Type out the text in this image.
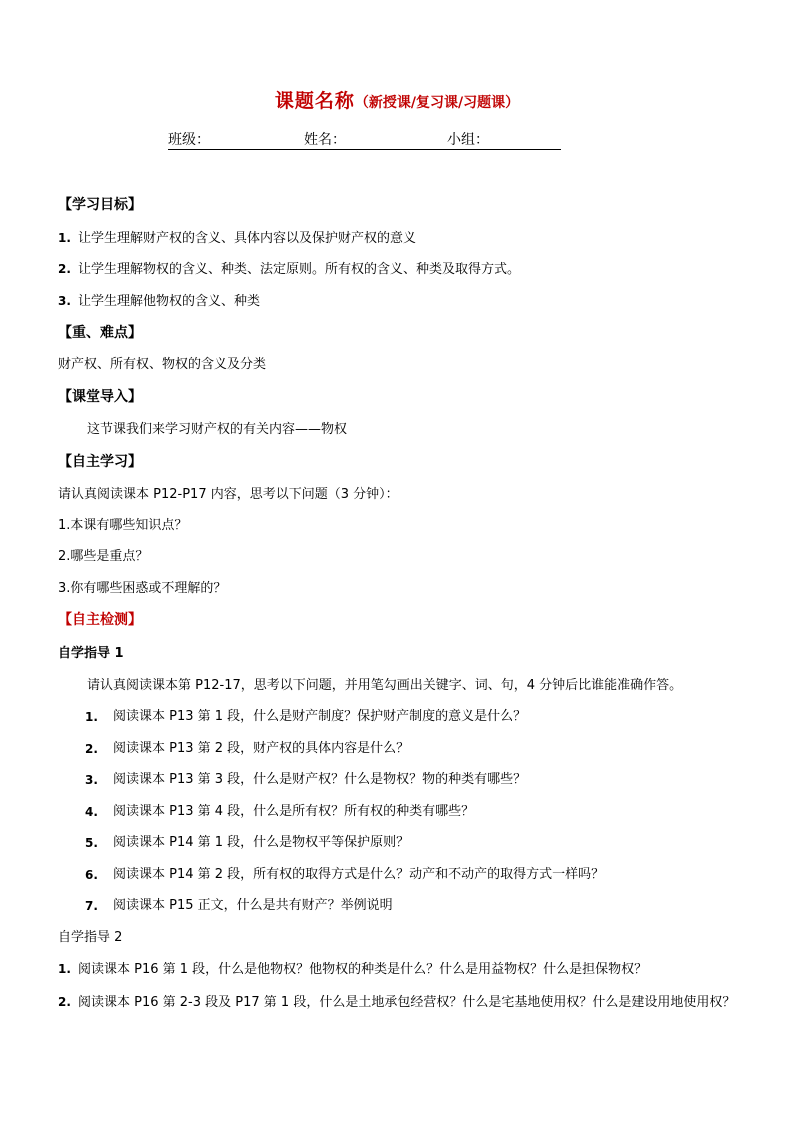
课题名称（新授课/复习课/习题课）
班级：	姓名：	小组：
【学习目标】
1. 让学生理解财产权的含义、具体内容以及保护财产权的意义
2. 让学生理解物权的含义、种类、法定原则。所有权的含义、种类及取得方式。
3. 让学生理解他物权的含义、种类
【重、难点】
财产权、所有权、物权的含义及分类
【课堂导入】
这节课我们来学习财产权的有关内容——物权
【自主学习】
请认真阅读课本 P12-P17 内容，思考以下问题（3 分钟）：
1.本课有哪些知识点？
2.哪些是重点？
3.你有哪些困惑或不理解的？
【自主检测】
自学指导 1
请认真阅读课本第 P12-17，思考以下问题，并用笔勾画出关键字、词、句，4 分钟后比谁能准确作答。
1. 阅读课本 P13 第 1 段，什么是财产制度？保护财产制度的意义是什么？
2. 阅读课本 P13 第 2 段，财产权的具体内容是什么？
3. 阅读课本 P13 第 3 段，什么是财产权？什么是物权？物的种类有哪些？
4. 阅读课本 P13 第 4 段，什么是所有权？所有权的种类有哪些？
5. 阅读课本 P14 第 1 段，什么是物权平等保护原则？
6. 阅读课本 P14 第 2 段，所有权的取得方式是什么？动产和不动产的取得方式一样吗？
7. 阅读课本 P15 正文，什么是共有财产？举例说明
自学指导 2
1. 阅读课本 P16 第 1 段，什么是他物权？他物权的种类是什么？什么是用益物权？什么是担保物权？
2. 阅读课本 P16 第 2-3 段及 P17 第 1 段，什么是土地承包经营权？什么是宅基地使用权？什么是建设用地使用权？
